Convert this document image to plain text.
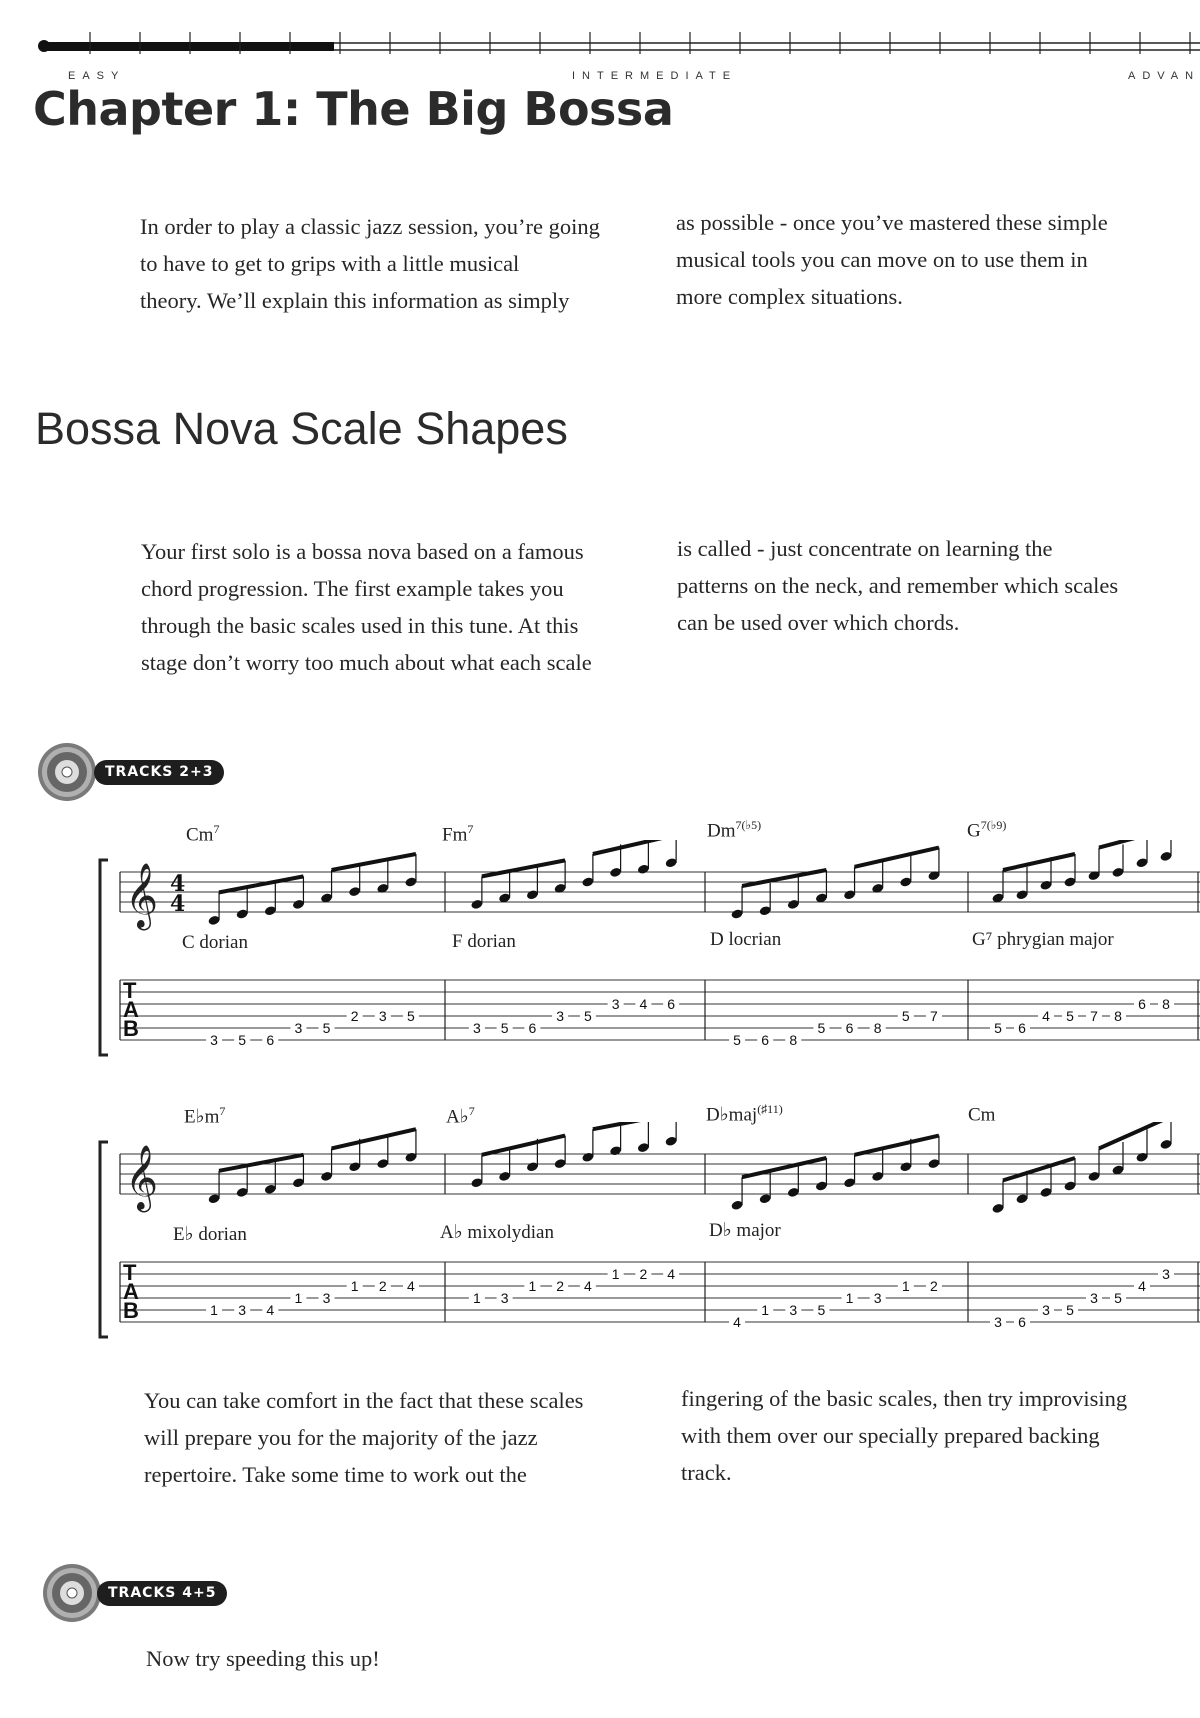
EASY	INTERMEDIATE	ADVAN
Chapter 1: The Big Bossa
In order to play a classic jazz session, you’re going
to have to get to grips with a little musical
theory. We’ll explain this information as simply
as possible - once you’ve mastered these simple
musical tools you can move on to use them in
more complex situations.
Bossa Nova Scale Shapes
Your first solo is a bossa nova based on a famous
chord progression. The first example takes you
through the basic scales used in this tune. At this
stage don’t worry too much about what each scale
is called - just concentrate on learning the
patterns on the neck, and remember which scales
can be used over which chords.
TRACKS 2+3
Cm$^7$	Fm$^7$	$Dm^{7(♭5)}$	$G^{7(♭9)}$
𝄞
T
A
B	3 5 6
3 5
2 3 5
3 5 6
3 5
3 4 6
5 6 8
5 6 8
5 7
5 6
4 5 7 8
6 8
4
4
C dorian	F dorian	D locrian	G⁷ phrygian major
$E♭m^7$	A♭$^7$	D♭maj$^{(♯11)}$	Cm
𝄞
T
A
B	1 3 4
1 3
1 2 4
1 3
1 2 4
1 2 4
4
1 3 5
1 3
1 2
3 6
3 5
3 5
4
3
E♭ dorian	A♭ mixolydian	D♭ major
You can take comfort in the fact that these scales
will prepare you for the majority of the jazz
repertoire. Take some time to work out the
fingering of the basic scales, then try improvising
with them over our specially prepared backing
track.
TRACKS 4+5
Now try speeding this up!
